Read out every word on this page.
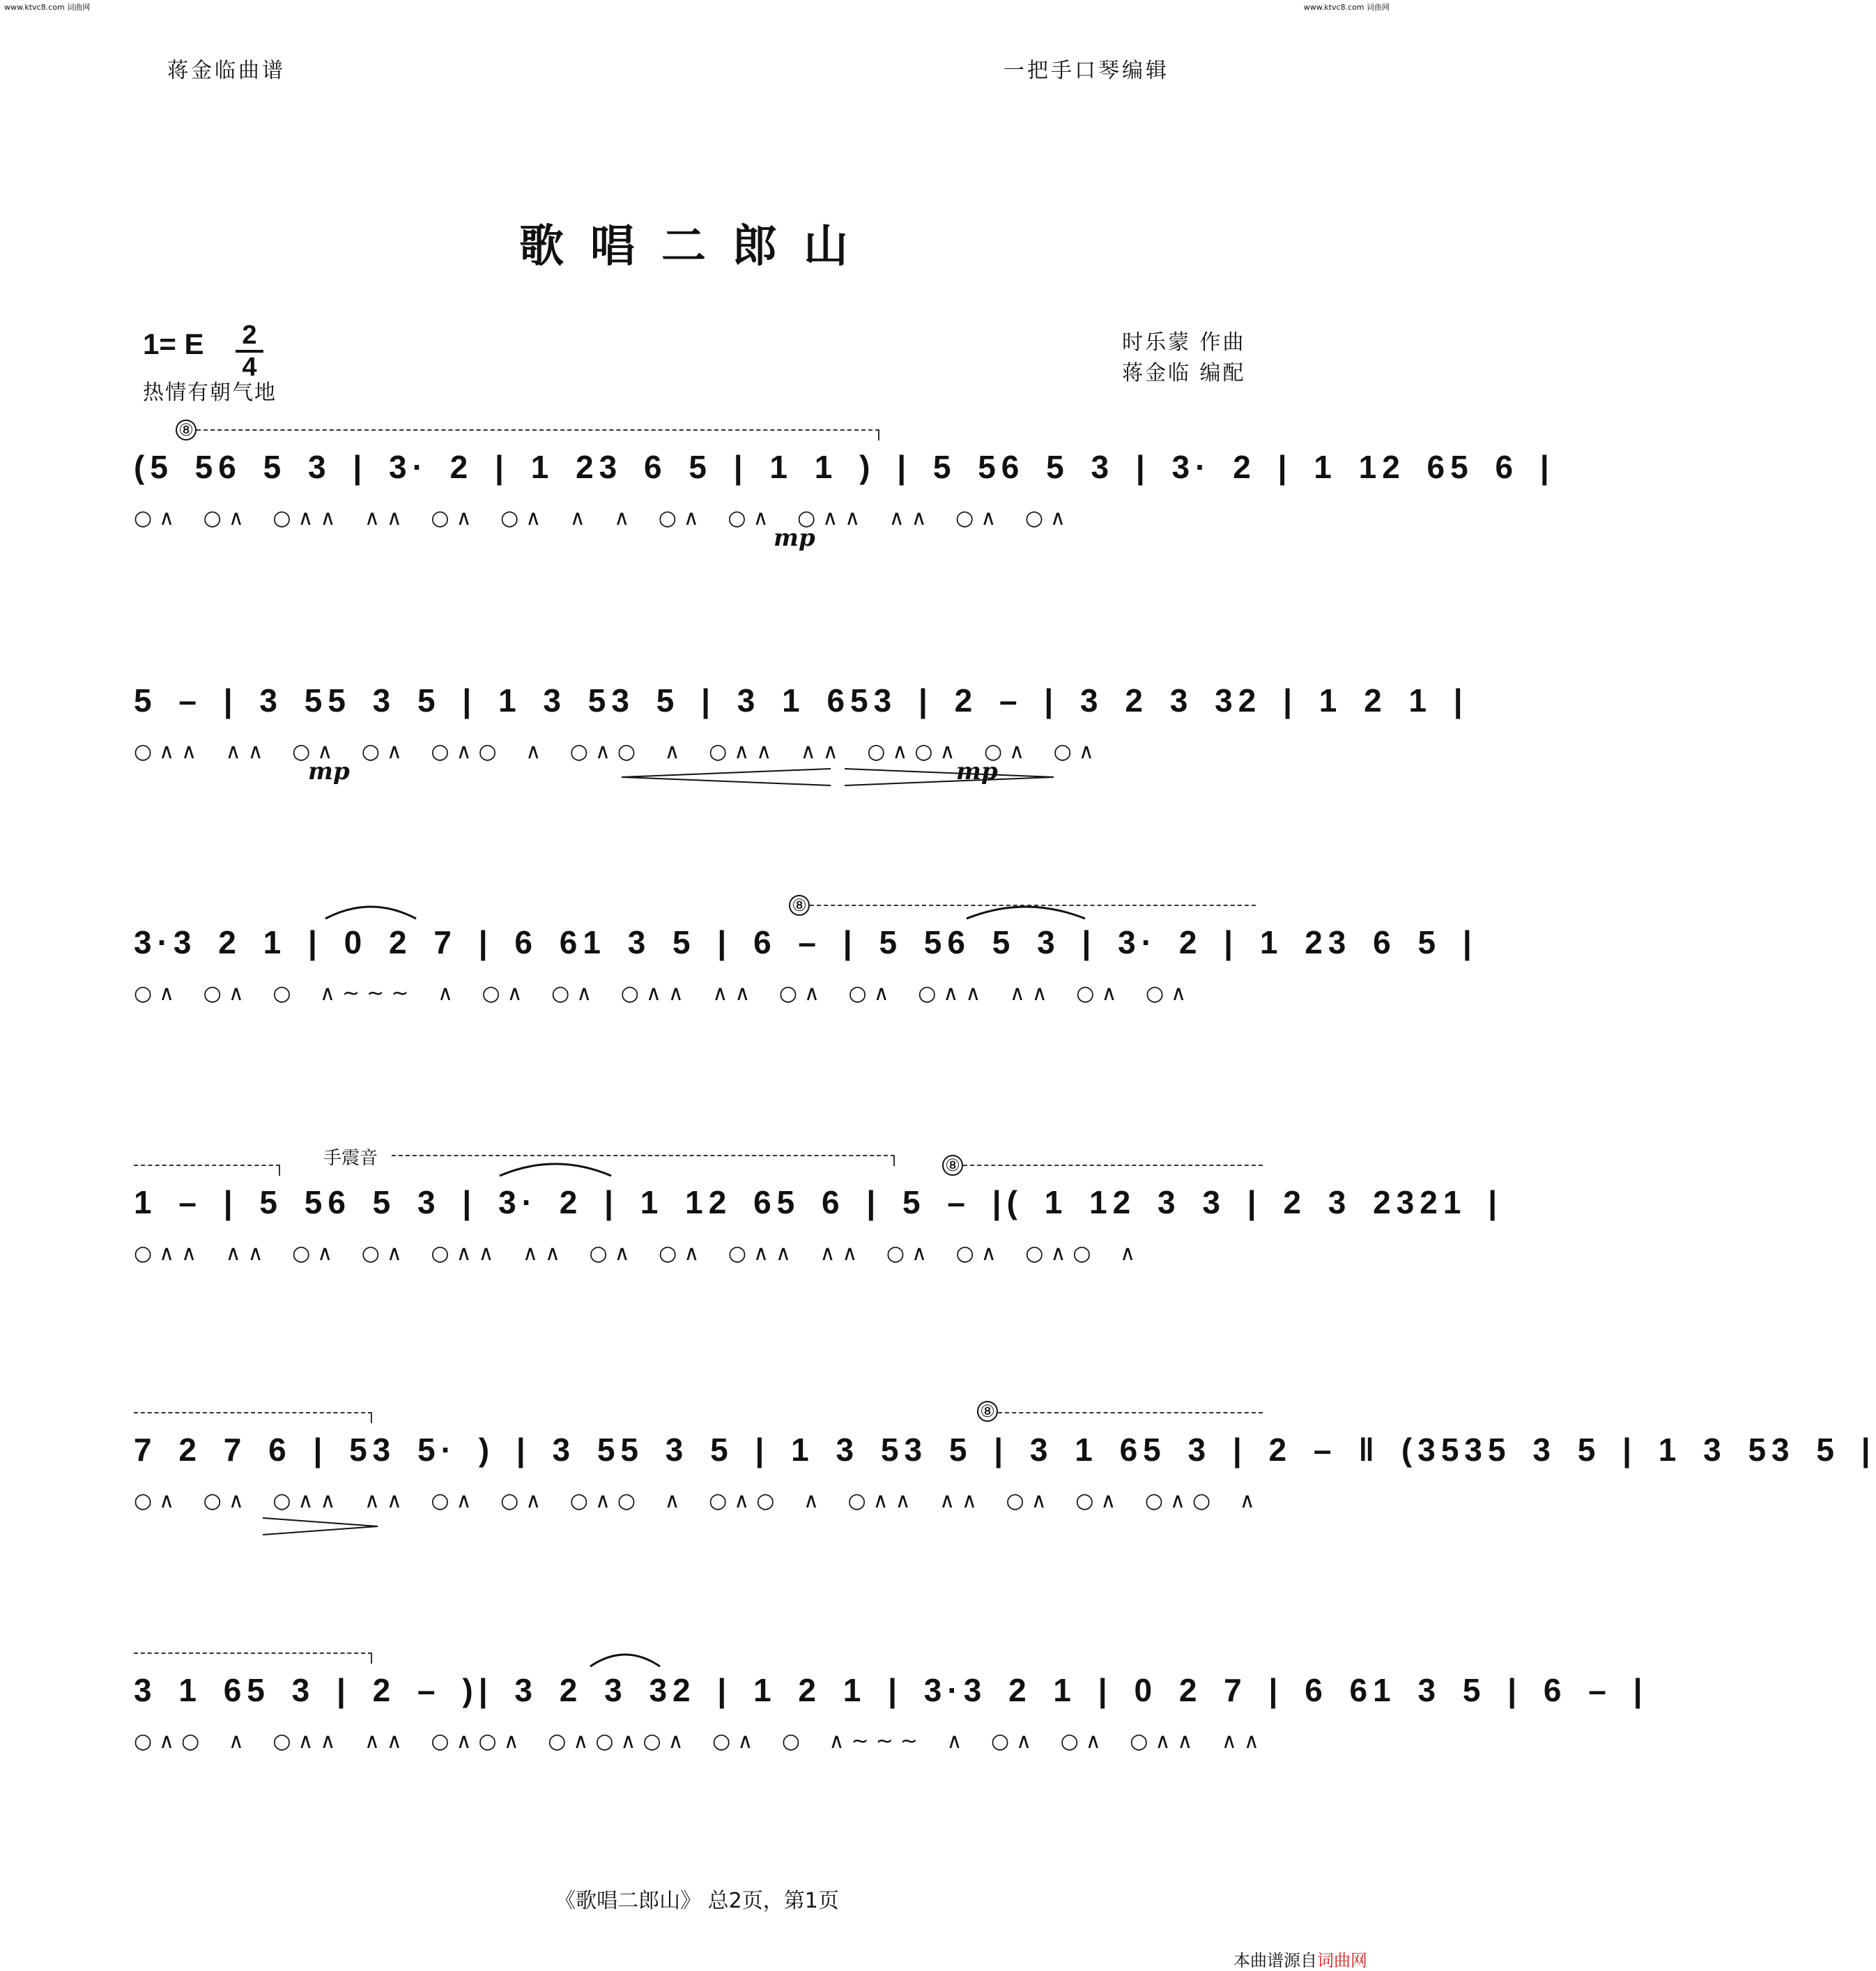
www.ktvc8.com 词曲网	www.ktvc8.com 词曲网
蒋金临曲谱	一把手口琴编辑
歌唱二郎山
1= E 2
4
热情有朝气地
时乐蒙 作曲
蒋金临 编配
⑧
(5 56 5 3 | 3· 2 | 1 23 6 5 | 1 1 ) | 5 56 5 3 | 3· 2 | 1 12 65 6 |
○∧ ○∧ ○∧∧ ∧∧ ○∧ ○∧ ∧ ∧ ○∧ ○∧ ○∧∧ ∧∧ ○∧ ○∧
mp
5 – | 3 55 3 5 | 1 3 53 5 | 3 1 653 | 2 – | 3 2 3 32 | 1 2 1 |
○∧∧ ∧∧ ○∧ ○∧ ○∧○ ∧ ○∧○ ∧ ○∧∧ ∧∧ ○∧○∧ ○∧ ○∧
mp	mp
⑧
3·3 2 1 | 0 2 7 | 6 61 3 5 | 6 – | 5 56 5 3 | 3· 2 | 1 23 6 5 |
○∧ ○∧ ○ ∧~~~ ∧ ○∧ ○∧ ○∧∧ ∧∧ ○∧ ○∧ ○∧∧ ∧∧ ○∧ ○∧
手震音	⑧
1 – | 5 56 5 3 | 3· 2 | 1 12 65 6 | 5 – |( 1 12 3 3 | 2 3 2321 |
○∧∧ ∧∧ ○∧ ○∧ ○∧∧ ∧∧ ○∧ ○∧ ○∧∧ ∧∧ ○∧ ○∧ ○∧○ ∧
⑧
7 2 7 6 | 53 5· ) | 3 55 3 5 | 1 3 53 5 | 3 1 65 3 | 2 – ‖ (3535 3 5 | 1 3 53 5 |
○∧ ○∧ ○∧∧ ∧∧ ○∧ ○∧ ○∧○ ∧ ○∧○ ∧ ○∧∧ ∧∧ ○∧ ○∧ ○∧○ ∧
3 1 65 3 | 2 – )| 3 2 3 32 | 1 2 1 | 3·3 2 1 | 0 2 7 | 6 61 3 5 | 6 – |
○∧○ ∧ ○∧∧ ∧∧ ○∧○∧ ○∧○∧○∧ ○∧ ○ ∧~~~ ∧ ○∧ ○∧ ○∧∧ ∧∧
《歌唱二郎山》 总2页，第1页
本曲谱源自词曲网
